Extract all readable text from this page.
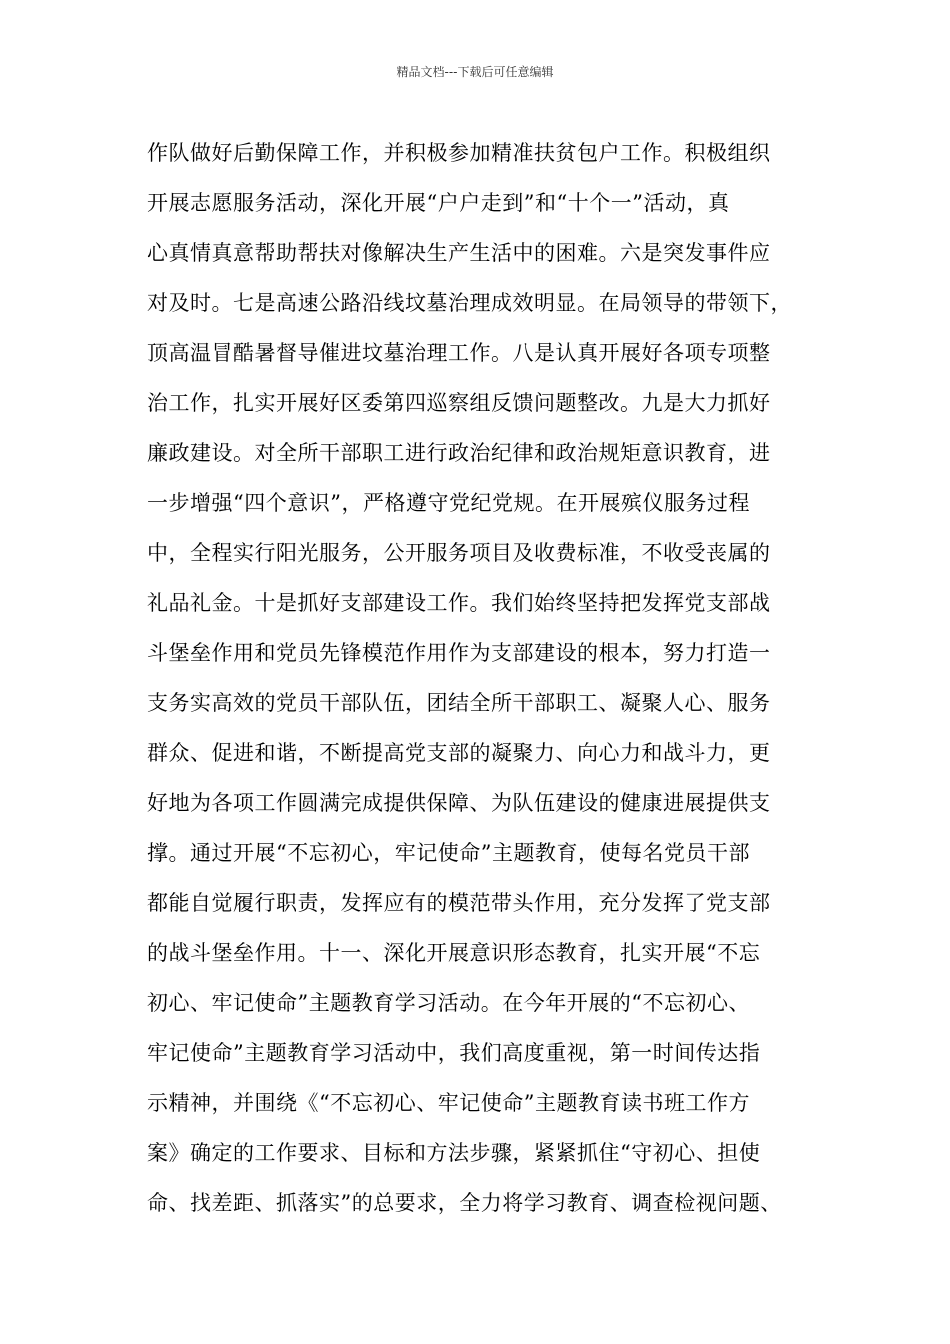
精品文档---下载后可任意编辑
作队做好后勤保障工作，并积极参加精准扶贫包户工作。积极组织
开展志愿服务活动，深化开展“户户走到”和“十个一”活动，真
心真情真意帮助帮扶对像解决生产生活中的困难。六是突发事件应
对及时。七是高速公路沿线坟墓治理成效明显。在局领导的带领下，
顶高温冒酷暑督导催进坟墓治理工作。八是认真开展好各项专项整
治工作，扎实开展好区委第四巡察组反馈问题整改。九是大力抓好
廉政建设。对全所干部职工进行政治纪律和政治规矩意识教育，进
一步增强“四个意识”，严格遵守党纪党规。在开展殡仪服务过程
中，全程实行阳光服务，公开服务项目及收费标准，不收受丧属的
礼品礼金。十是抓好支部建设工作。我们始终坚持把发挥党支部战
斗堡垒作用和党员先锋模范作用作为支部建设的根本，努力打造一
支务实高效的党员干部队伍，团结全所干部职工、凝聚人心、服务
群众、促进和谐，不断提高党支部的凝聚力、向心力和战斗力，更
好地为各项工作圆满完成提供保障、为队伍建设的健康进展提供支
撑。通过开展“不忘初心，牢记使命”主题教育，使每名党员干部
都能自觉履行职责，发挥应有的模范带头作用，充分发挥了党支部
的战斗堡垒作用。十一、深化开展意识形态教育，扎实开展“不忘
初心、牢记使命”主题教育学习活动。在今年开展的“不忘初心、
牢记使命”主题教育学习活动中，我们高度重视，第一时间传达指
示精神，并围绕《“不忘初心、牢记使命”主题教育读书班工作方
案》确定的工作要求、目标和方法步骤，紧紧抓住“守初心、担使
命、找差距、抓落实”的总要求，全力将学习教育、调查检视问题、
